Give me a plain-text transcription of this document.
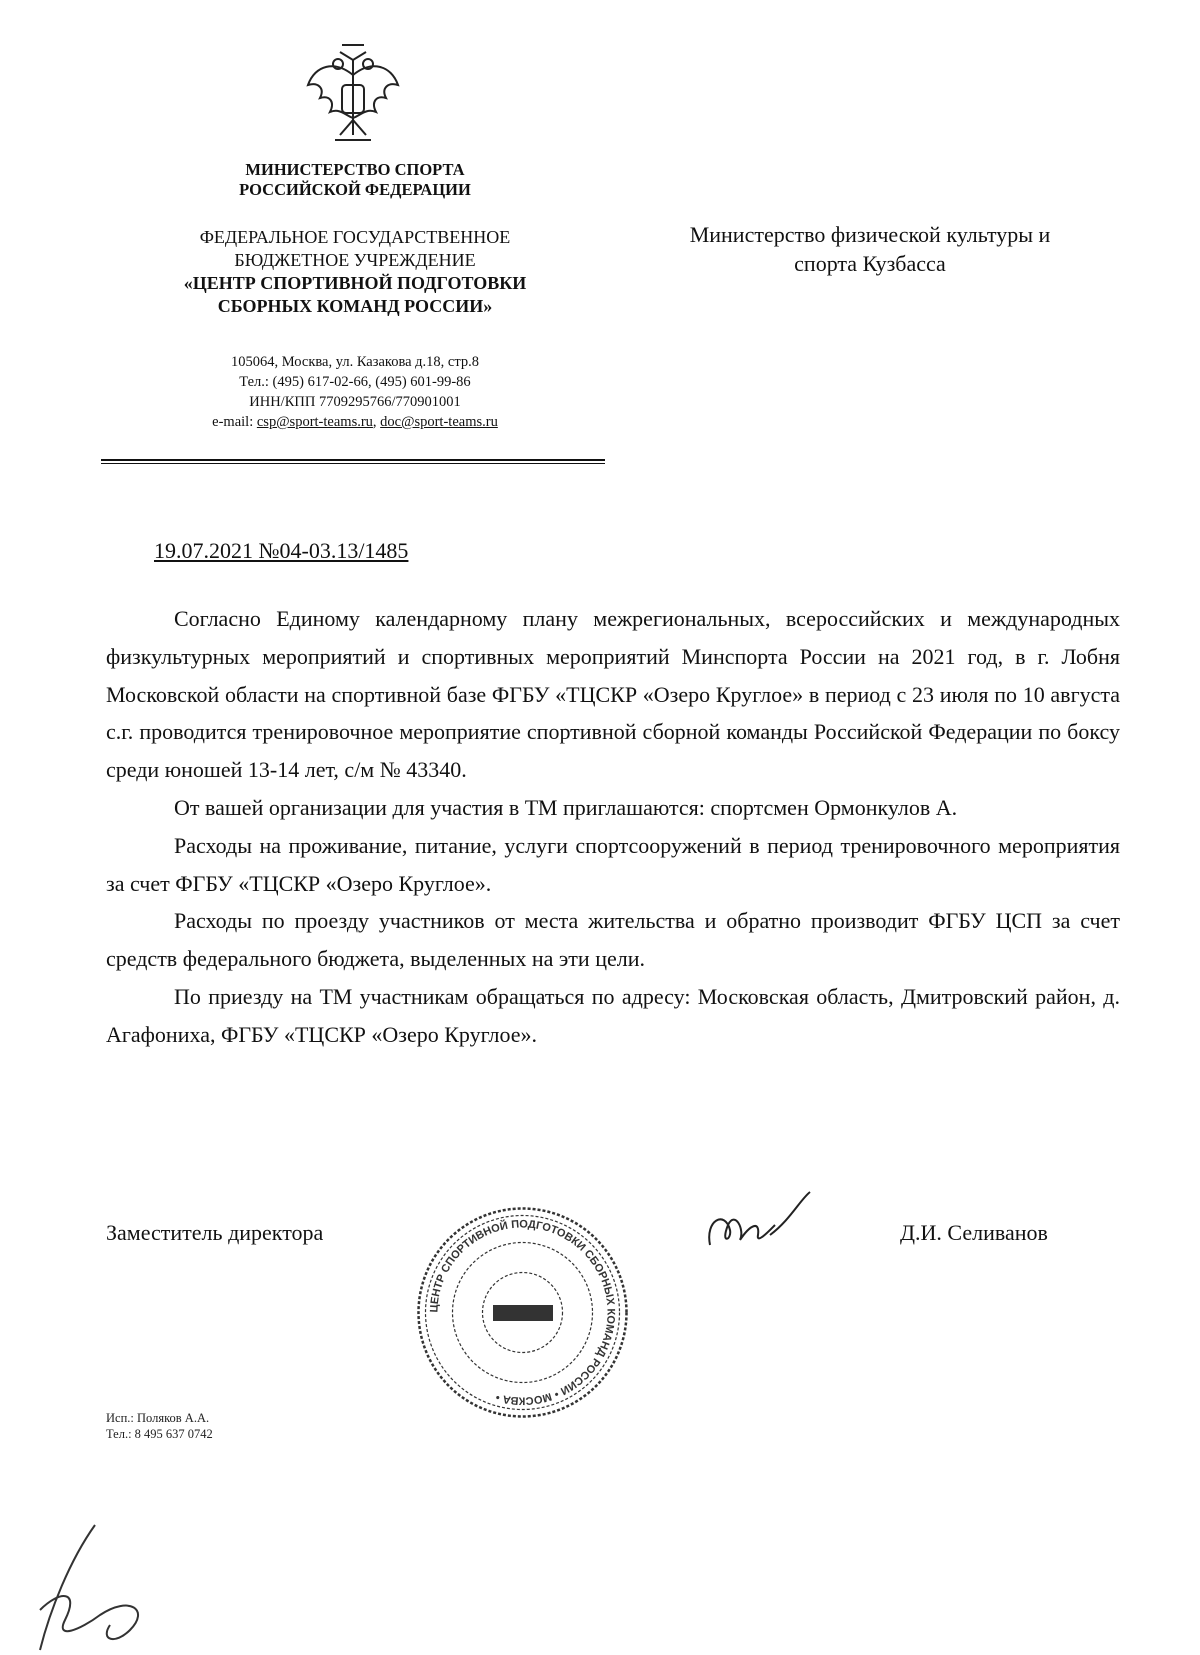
МИНИСТЕРСТВО СПОРТА
РОССИЙСКОЙ ФЕДЕРАЦИИ
ФЕДЕРАЛЬНОЕ ГОСУДАРСТВЕННОЕ
БЮДЖЕТНОЕ УЧРЕЖДЕНИЕ
«ЦЕНТР СПОРТИВНОЙ ПОДГОТОВКИ
СБОРНЫХ КОМАНД РОССИИ»
105064, Москва, ул. Казакова д.18, стр.8
Тел.: (495) 617-02-66, (495) 601-99-86
ИНН/КПП 7709295766/770901001
e-mail: csp@sport-teams.ru, doc@sport-teams.ru
Министерство физической культуры и
спорта Кузбасса
19.07.2021 №04-03.13/1485

Согласно Единому календарному плану межрегиональных, всероссийских и международных физкультурных мероприятий и спортивных мероприятий Минспорта России на 2021 год, в г. Лобня Московской области на спортивной базе ФГБУ «ТЦСКР «Озеро Круглое» в период с 23 июля по 10 августа с.г. проводится тренировочное мероприятие спортивной сборной команды Российской Федерации по боксу среди юношей 13-14 лет, с/м № 43340.

От вашей организации для участия в ТМ приглашаются: спортсмен Ормонкулов А.

Расходы на проживание, питание, услуги спортсооружений в период тренировочного мероприятия за счет ФГБУ «ТЦСКР «Озеро Круглое».

Расходы по проезду участников от места жительства и обратно производит ФГБУ ЦСП за счет средств федерального бюджета, выделенных на эти цели.

По приезду на ТМ участникам обращаться по адресу: Московская область, Дмитровский район, д. Агафониха, ФГБУ «ТЦСКР «Озеро Круглое».

Заместитель директора
ЦЕНТР СПОРТИВНОЙ ПОДГОТОВКИ СБОРНЫХ КОМАНД РОССИИ • МОСКВА •
Д.И. Селиванов
Исп.: Поляков А.А.
Тел.: 8 495 637 0742
